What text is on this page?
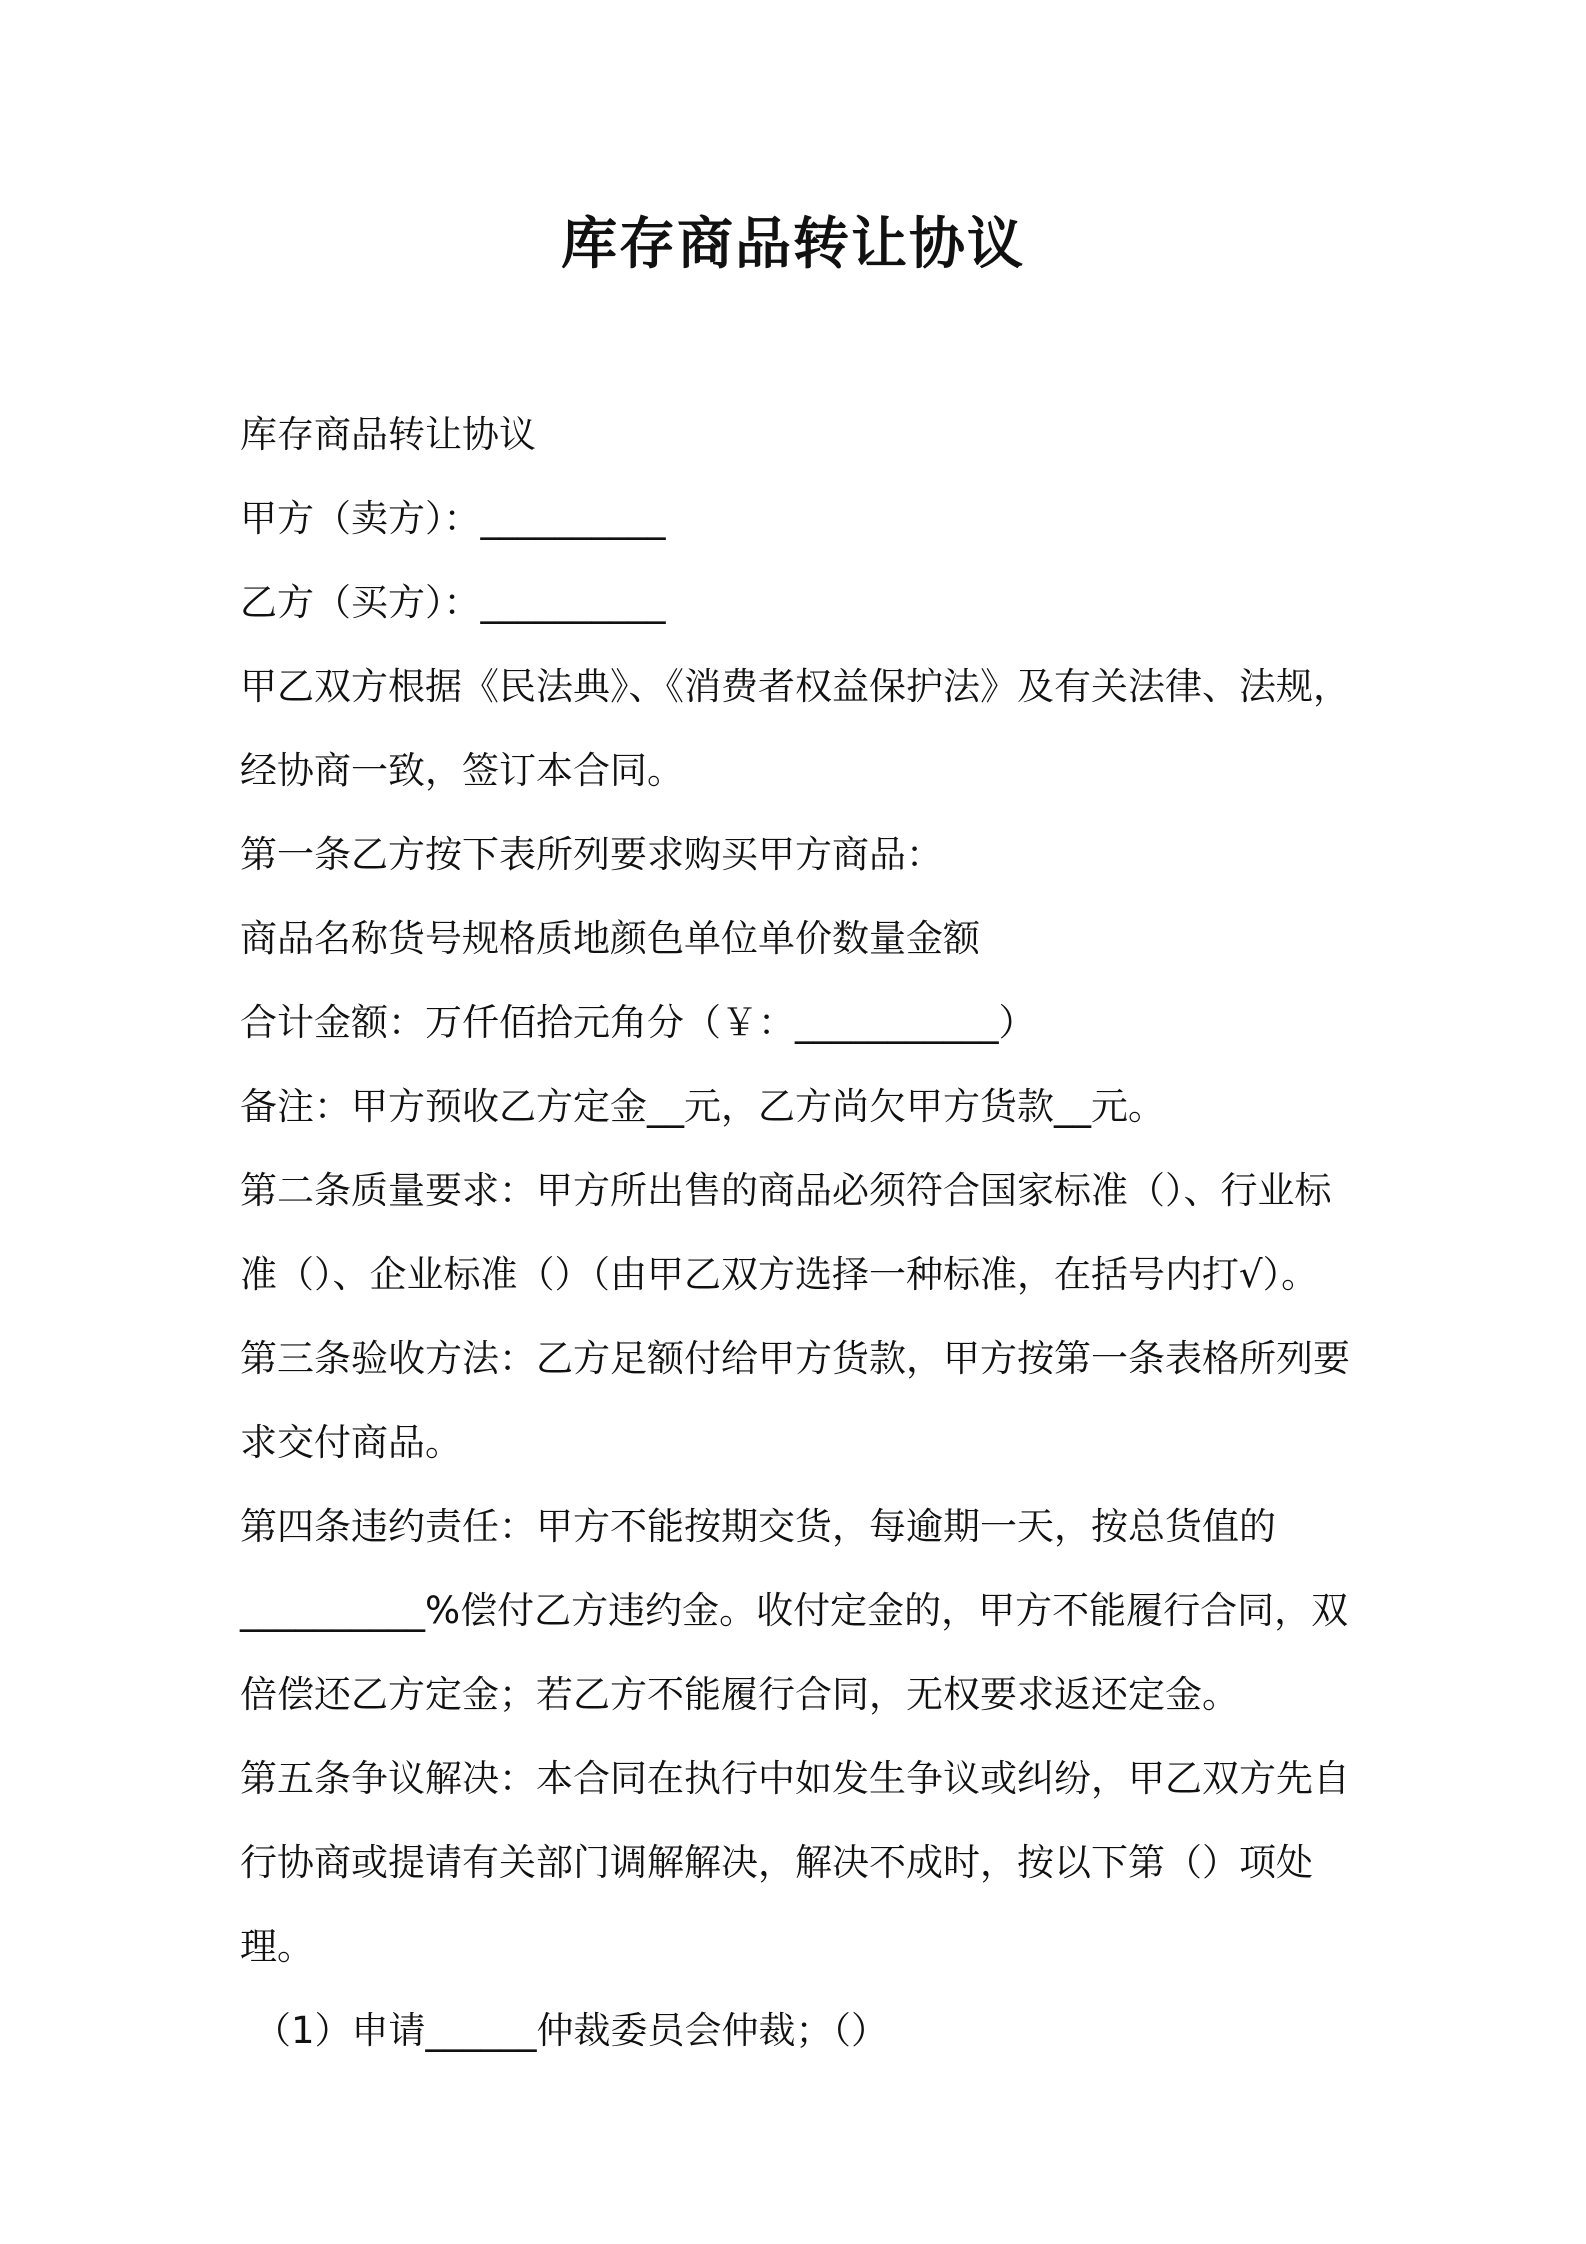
库存商品转让协议

库存商品转让协议

甲方（卖方）：__________

乙方（买方）：__________

甲乙双方根据《民法典》、《消费者权益保护法》及有关法律、法规，

经协商一致，签订本合同。

第一条乙方按下表所列要求购买甲方商品：

商品名称货号规格质地颜色单位单价数量金额

合计金额：万仟佰拾元角分（￥：___________）

备注：甲方预收乙方定金__元，乙方尚欠甲方货款__元。

第二条质量要求：甲方所出售的商品必须符合国家标准（）、行业标

准（）、企业标准（）（由甲乙双方选择一种标准，在括号内打√）。

第三条验收方法：乙方足额付给甲方货款，甲方按第一条表格所列要

求交付商品。

第四条违约责任：甲方不能按期交货，每逾期一天，按总货值的

__________%偿付乙方违约金。收付定金的，甲方不能履行合同，双

倍偿还乙方定金；若乙方不能履行合同，无权要求返还定金。

第五条争议解决：本合同在执行中如发生争议或纠纷，甲乙双方先自

行协商或提请有关部门调解解决，解决不成时，按以下第（）项处理。

（1）申请______仲裁委员会仲裁；（）
